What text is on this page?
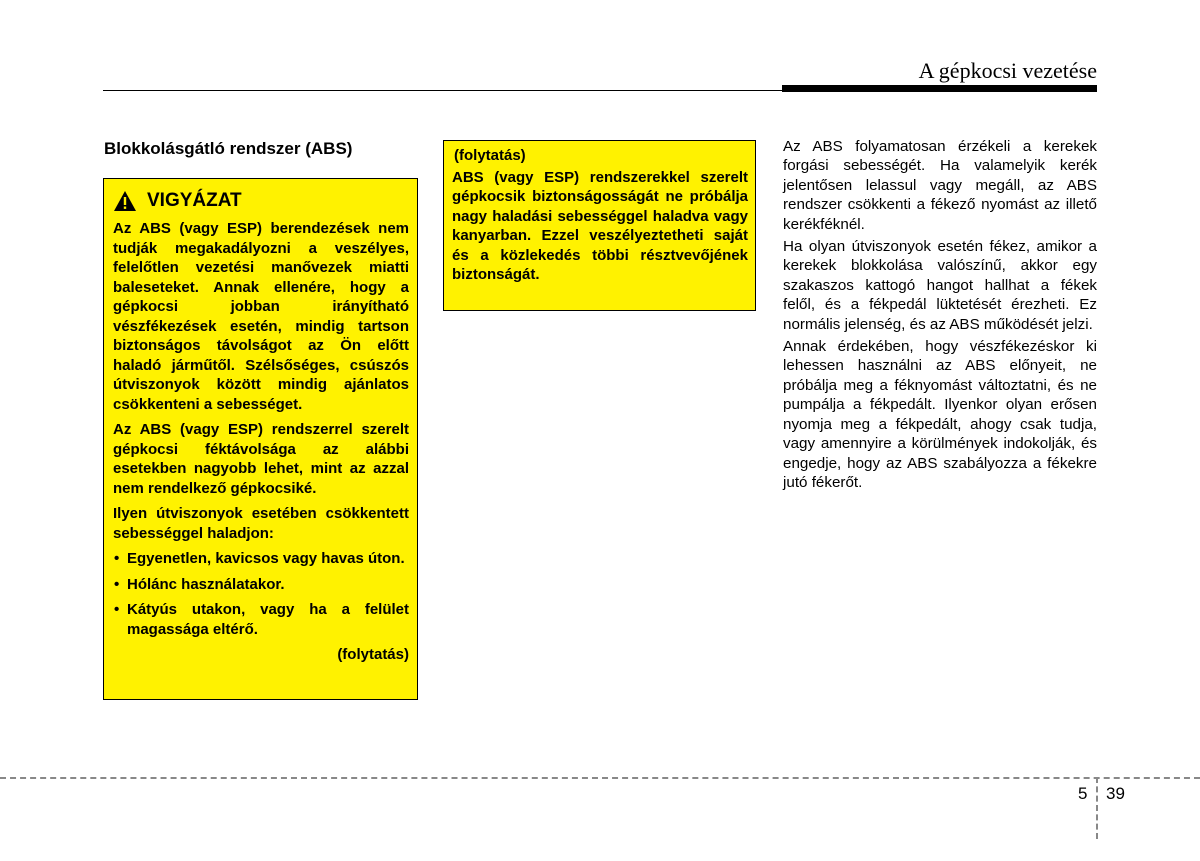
A gépkocsi vezetése
Blokkolásgátló rendszer (ABS)
VIGYÁZAT

Az ABS (vagy ESP) berendezések nem tudják megakadályozni a veszélyes, felelőtlen vezetési manővezek miatti baleseteket. Annak ellenére, hogy a gépkocsi jobban irányítható vészfékezések esetén, mindig tartson biztonságos távolságot az Ön előtt haladó járműtől. Szélsőséges, csúszós útviszonyok között mindig ajánlatos csökkenteni a sebességet.

Az ABS (vagy ESP) rendszerrel szerelt gépkocsi féktávolsága az alábbi esetekben nagyobb lehet, mint az azzal nem rendelkező gépkocsiké.

Ilyen útviszonyok esetében csökkentett sebességgel haladjon:

• Egyenetlen, kavicsos vagy havas úton.
• Hólánc használatakor.
• Kátyús utakon, vagy ha a felület magassága eltérő.
(folytatás)
(folytatás)

ABS (vagy ESP) rendszerekkel szerelt gépkocsik biztonságosságát ne próbálja nagy haladási sebességgel haladva vagy kanyarban. Ezzel veszélyeztetheti saját és a közlekedés többi résztvevőjének biztonságát.

Az ABS folyamatosan érzékeli a kerekek forgási sebességét. Ha valamelyik kerék jelentősen lelassul vagy megáll, az ABS rendszer csökkenti a fékező nyomást az illető kerékféknél.

Ha olyan útviszonyok esetén fékez, amikor a kerekek blokkolása valószínű, akkor egy szakaszos kattogó hangot hallhat a fékek felől, és a fékpedál lüktetését érezheti. Ez normális jelenség, és az ABS működését jelzi.

Annak érdekében, hogy vészfékezéskor ki lehessen használni az ABS előnyeit, ne próbálja meg a féknyomást változtatni, és ne pumpálja a fékpedált. Ilyenkor olyan erősen nyomja meg a fékpedált, ahogy csak tudja, vagy amennyire a körülmények indokolják, és engedje, hogy az ABS szabályozza a fékekre jutó fékerőt.

5 39
